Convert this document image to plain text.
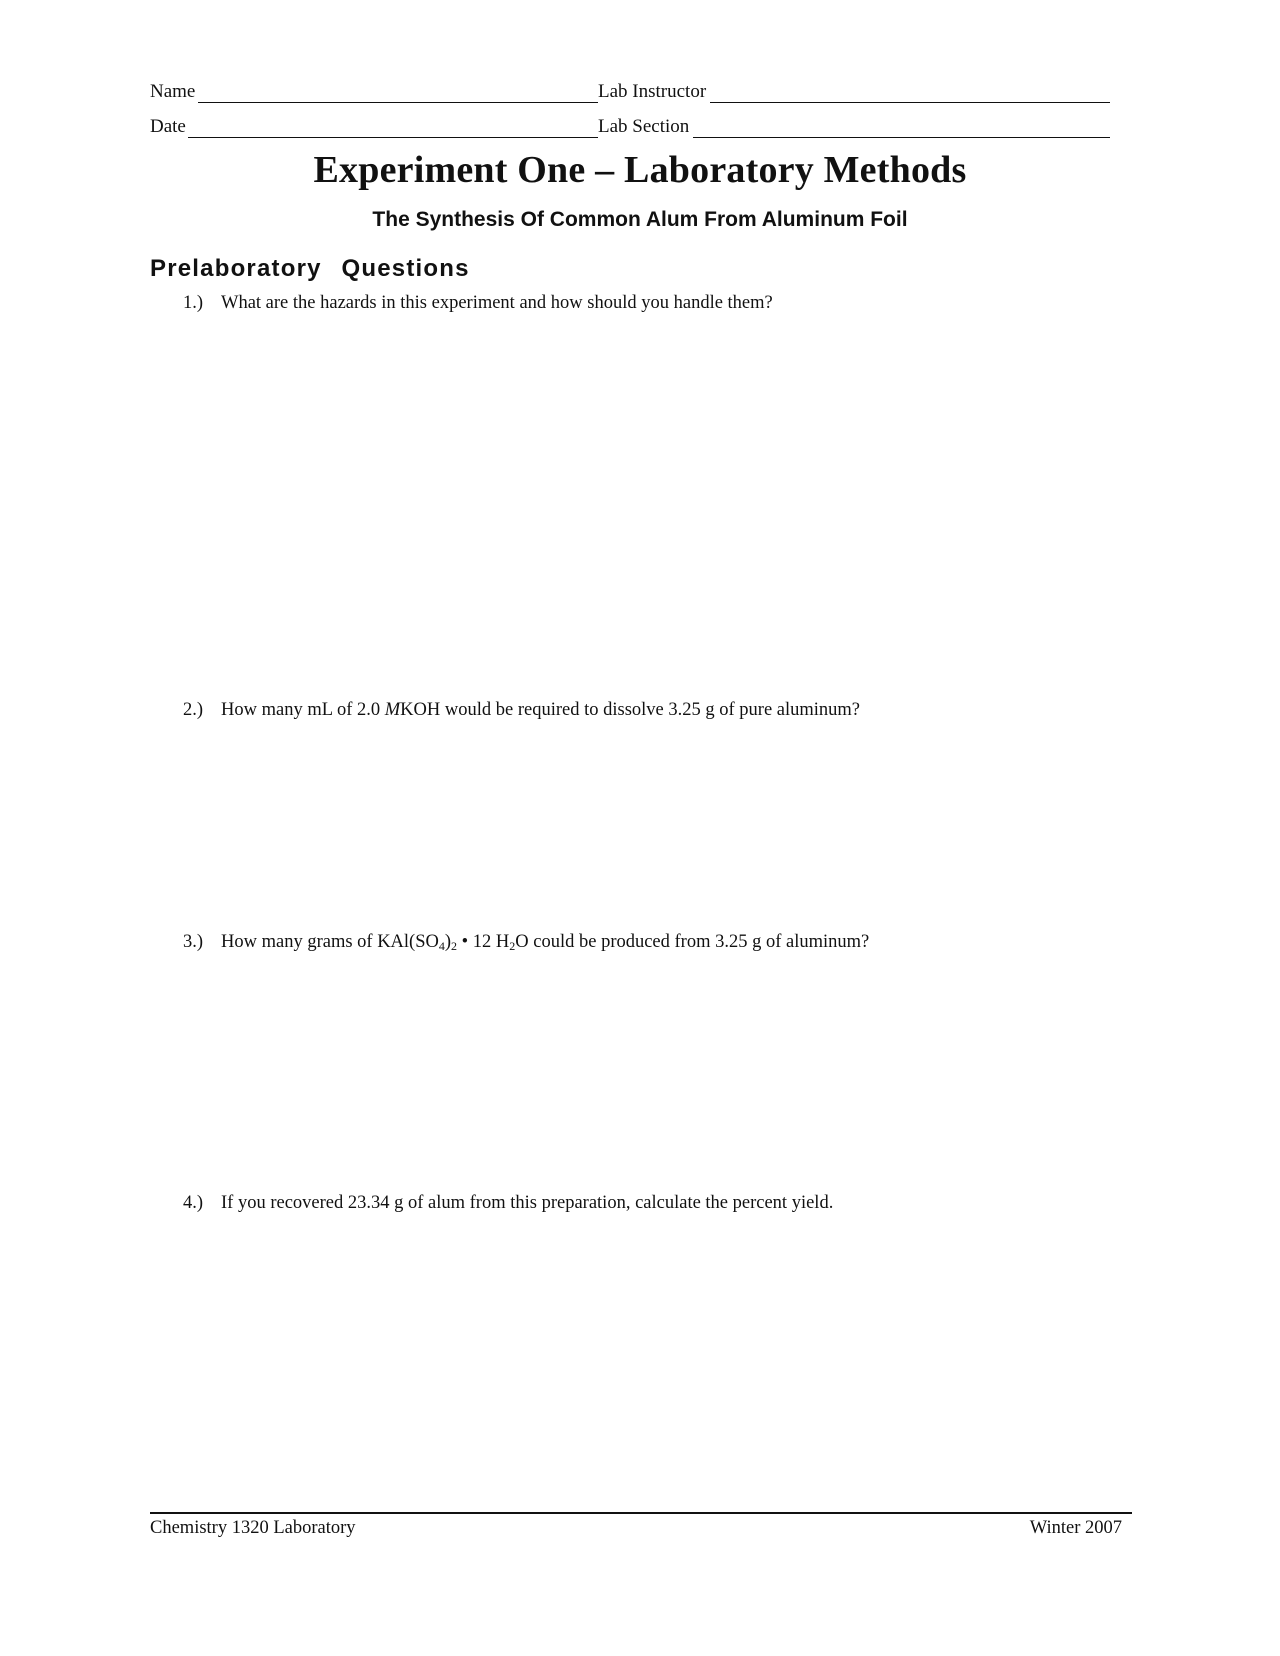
Name	Lab Instructor
Date	Lab Section
Experiment One – Laboratory Methods
The Synthesis Of Common Alum From Aluminum Foil
Prelaboratory Questions
1.) What are the hazards in this experiment and how should you handle them?
2.) How many mL of 2.0 MKOH would be required to dissolve 3.25 g of pure aluminum?
3.) How many grams of $KAl(SO_4)_2$ • 12 $H_2O$ could be produced from 3.25 g of aluminum?
4.) If you recovered 23.34 g of alum from this preparation, calculate the percent yield.
Chemistry 1320 Laboratory	Winter 2007
